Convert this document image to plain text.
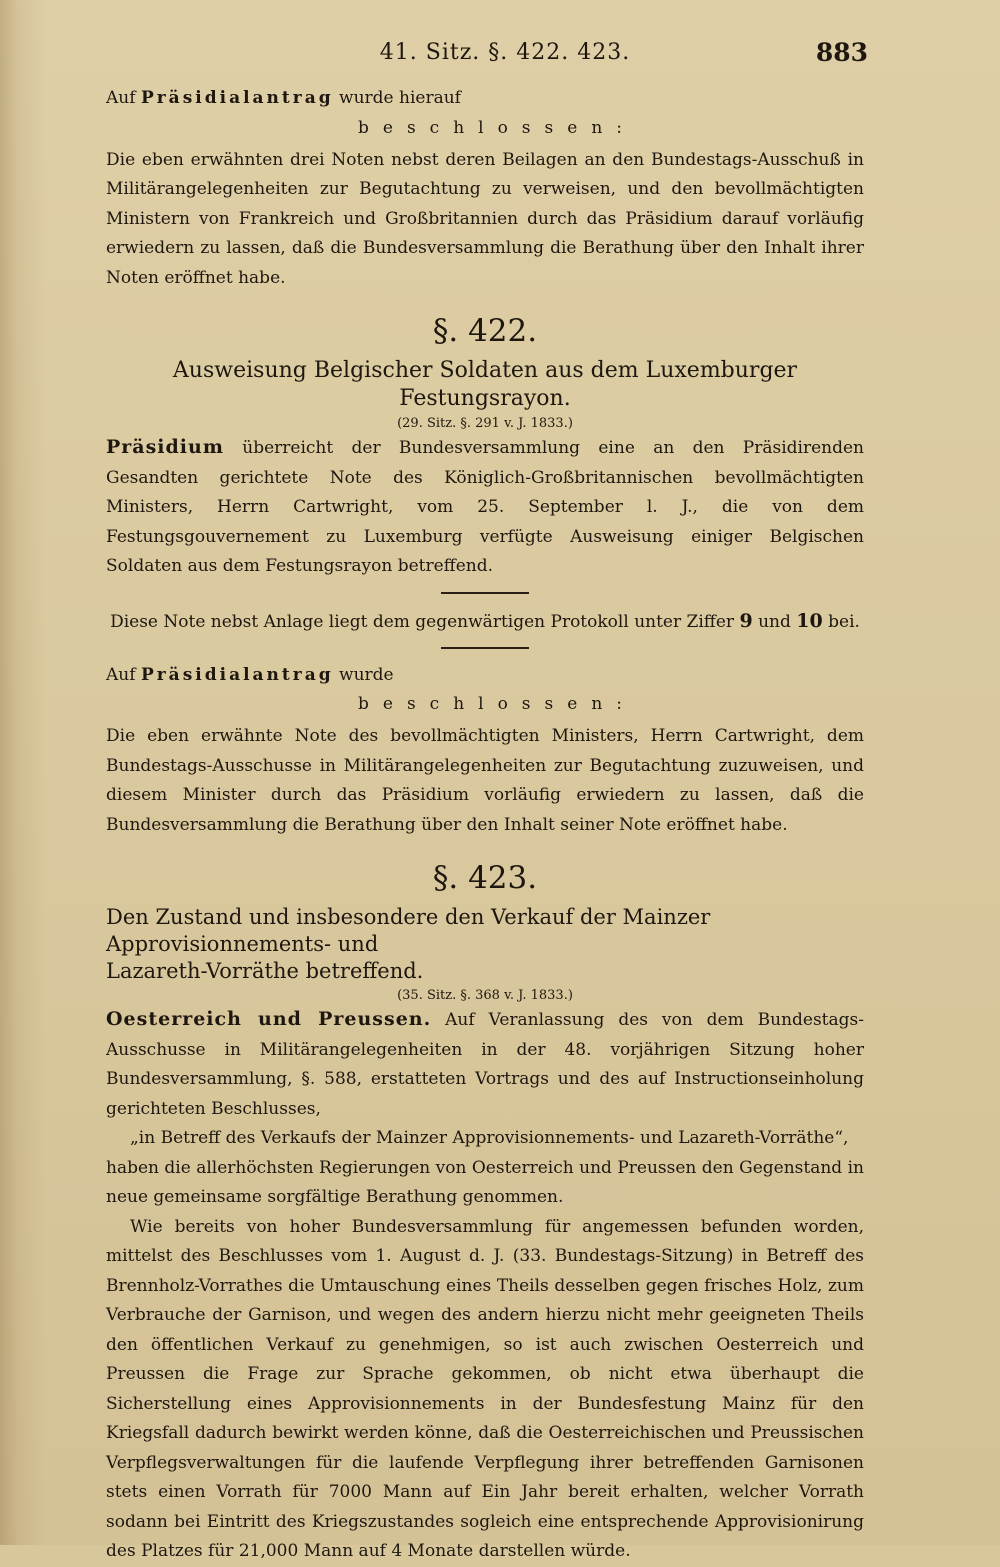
41. Sitz. §. 422. 423.	883

Auf Präsidialantrag wurde hierauf

beschlossen:

Die eben erwähnten drei Noten nebst deren Beilagen an den Bundestags-Ausschuß in Militärangelegenheiten zur Begutachtung zu verweisen, und den bevollmächtigten Ministern von Frankreich und Großbritannien durch das Präsidium darauf vorläufig erwiedern zu lassen, daß die Bundesversammlung die Berathung über den Inhalt ihrer Noten eröffnet habe.

§. 422.
Ausweisung Belgischer Soldaten aus dem Luxemburger Festungsrayon.
(29. Sitz. §. 291 v. J. 1833.)

Präsidium überreicht der Bundesversammlung eine an den Präsidirenden Gesandten gerichtete Note des Königlich-Großbritannischen bevollmächtigten Ministers, Herrn Cartwright, vom 25. September l. J., die von dem Festungsgouvernement zu Luxemburg verfügte Ausweisung einiger Belgischen Soldaten aus dem Festungsrayon betreffend.

Diese Note nebst Anlage liegt dem gegenwärtigen Protokoll unter Ziffer 9 und 10 bei.

Auf Präsidialantrag wurde

beschlossen:

Die eben erwähnte Note des bevollmächtigten Ministers, Herrn Cartwright, dem Bundestags-Ausschusse in Militärangelegenheiten zur Begutachtung zuzuweisen, und diesem Minister durch das Präsidium vorläufig erwiedern zu lassen, daß die Bundesversammlung die Berathung über den Inhalt seiner Note eröffnet habe.

§. 423.
Den Zustand und insbesondere den Verkauf der Mainzer Approvisionnements- und
Lazareth-Vorräthe betreffend.
(35. Sitz. §. 368 v. J. 1833.)

Oesterreich und Preussen. Auf Veranlassung des von dem Bundestags-Ausschusse in Militärangelegenheiten in der 48. vorjährigen Sitzung hoher Bundesversammlung, §. 588, erstatteten Vortrags und des auf Instructionseinholung gerichteten Beschlusses,

„in Betreff des Verkaufs der Mainzer Approvisionnements- und Lazareth-Vorräthe“,

haben die allerhöchsten Regierungen von Oesterreich und Preussen den Gegenstand in neue gemeinsame sorgfältige Berathung genommen.

Wie bereits von hoher Bundesversammlung für angemessen befunden worden, mittelst des Beschlusses vom 1. August d. J. (33. Bundestags-Sitzung) in Betreff des Brennholz-Vorrathes die Umtauschung eines Theils desselben gegen frisches Holz, zum Verbrauche der Garnison, und wegen des andern hierzu nicht mehr geeigneten Theils den öffentlichen Verkauf zu genehmigen, so ist auch zwischen Oesterreich und Preussen die Frage zur Sprache gekommen, ob nicht etwa überhaupt die Sicherstellung eines Approvisionnements in der Bundesfestung Mainz für den Kriegsfall dadurch bewirkt werden könne, daß die Oesterreichischen und Preussischen Verpflegsverwaltungen für die laufende Verpflegung ihrer betreffenden Garnisonen stets einen Vorrath für 7000 Mann auf Ein Jahr bereit erhalten, welcher Vorrath sodann bei Eintritt des Kriegszustandes sogleich eine entsprechende Approvisionirung des Platzes für 21,000 Mann auf 4 Monate darstellen würde.
